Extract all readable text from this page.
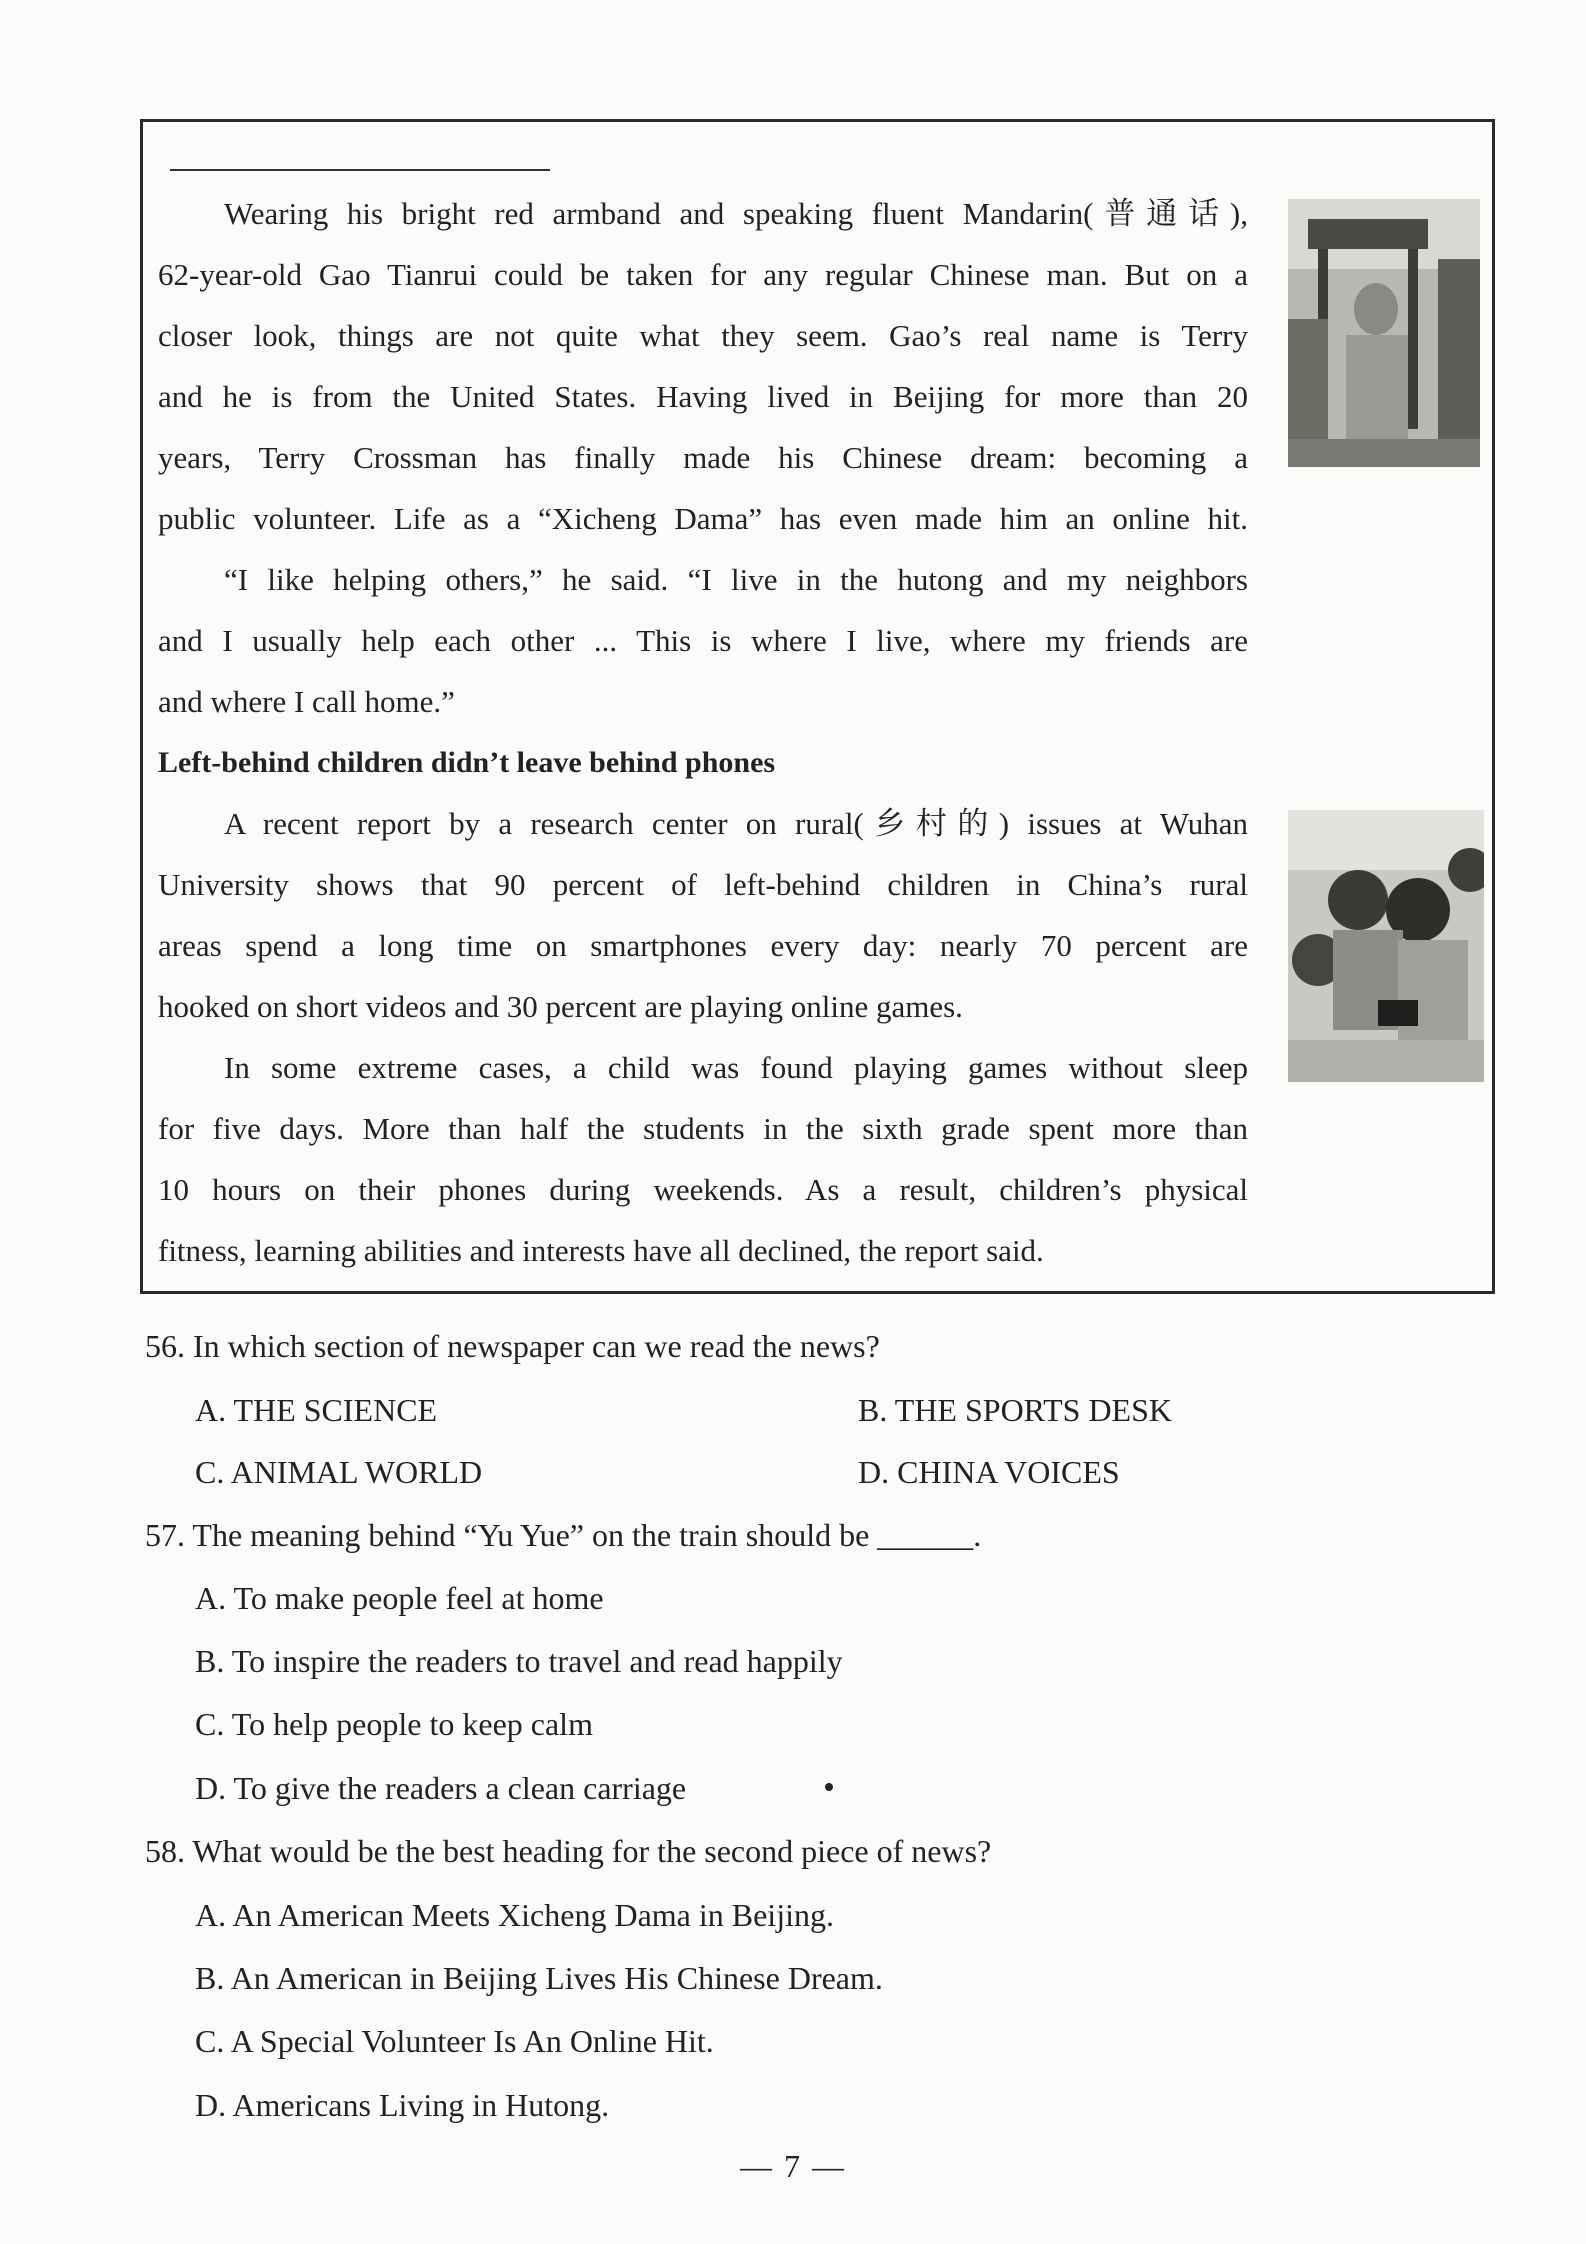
Wearing his bright red armband and speaking fluent Mandarin(普通话),
62-year-old Gao Tianrui could be taken for any regular Chinese man. But on a
closer look, things are not quite what they seem. Gao’s real name is Terry
and he is from the United States. Having lived in Beijing for more than 20
years, Terry Crossman has finally made his Chinese dream: becoming a
public volunteer. Life as a “Xicheng Dama” has even made him an online hit.
“I like helping others,” he said. “I live in the hutong and my neighbors
and I usually help each other ... This is where I live, where my friends are
and where I call home.”
Left-behind children didn’t leave behind phones
A recent report by a research center on rural(乡村的) issues at Wuhan
University shows that 90 percent of left-behind children in China’s rural
areas spend a long time on smartphones every day: nearly 70 percent are
hooked on short videos and 30 percent are playing online games.
In some extreme cases, a child was found playing games without sleep
for five days. More than half the students in the sixth grade spent more than
10 hours on their phones during weekends. As a result, children’s physical
fitness, learning abilities and interests have all declined, the report said.
56. In which section of newspaper can we read the news?
A. THE SCIENCE	B. THE SPORTS DESK
C. ANIMAL WORLD	D. CHINA VOICES
57. The meaning behind “Yu Yue” on the train should be ______.
A. To make people feel at home
B. To inspire the readers to travel and read happily
C. To help people to keep calm
D. To give the readers a clean carriage
58. What would be the best heading for the second piece of news?
A. An American Meets Xicheng Dama in Beijing.
B. An American in Beijing Lives His Chinese Dream.
C. A Special Volunteer Is An Online Hit.
D. Americans Living in Hutong.
— 7 —
